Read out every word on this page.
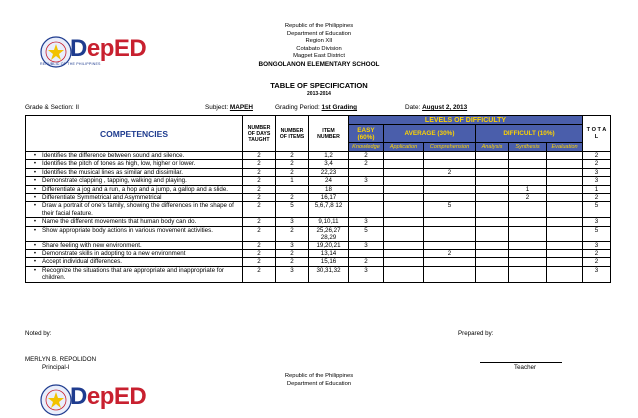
DepED
REPUBLIC OF THE PHILIPPINES
Republic of the Philippines
Department of Education
Region XII
Cotabato Division
Magpet East District
BONGOLANON ELEMENTARY SCHOOL
TABLE OF SPECIFICATION
2013-2014
Grade & Section: II	Subject: MAPEH	Grading Period: 1st Grading	Date: August 2, 2013
COMPETENCIES	NUMBER OF DAYS TAUGHT	NUMBER OF ITEMS	ITEM NUMBER	LEVELS OF DIFFICULTY						T O T A L
				EASY (60%)	AVERAGE (30%)		DIFFICULT (10%)			
				Knowledge	Application	Comprehension	Analysis	Synthesis	Evaluation	
• Identifies the difference between sound and silence.	2	2	1,2	2						2
• Identifies the pitch of tones as high, low, higher or lower.	2	2	3,4	2						2
• Identifies the musical lines as similar and dissimilar.	2	2	22,23			2				3
• Demonstrate clapping , tapping, walking and playing.	2	1	24	3						3
• Differentiate a jog and a run, a hop and a jump, a gallop and a slide.	2		18					1		1
• Differentiate Symmetrical and Asymmetrical	2	2	16,17					2		2
• Draw a portrait of one's family, showing the differences in the shape of their facial feature.	2	5	5,6,7,8 12			5				5
• Name the different movements that human body can do.	2	3	9,10,11	3						3
• Show appropriate body actions in various movement activities.	2	2	25,26,27 28,29	5						5
• Share feeling with new environment.	2	3	19,20,21	3						3
• Demonstrate skills in adopting to a new environment	2	2	13,14			2				2
• Accept individual differences.	2	2	15,16	2						2
• Recognize the situations that are appropriate and inappropriate for children.	2	3	30,31,32	3						3
Noted by:	Prepared by:
MERLYN B. REPOLIDON
Principal-I	Teacher
Republic of the Philippines
Department of Education
DepED
